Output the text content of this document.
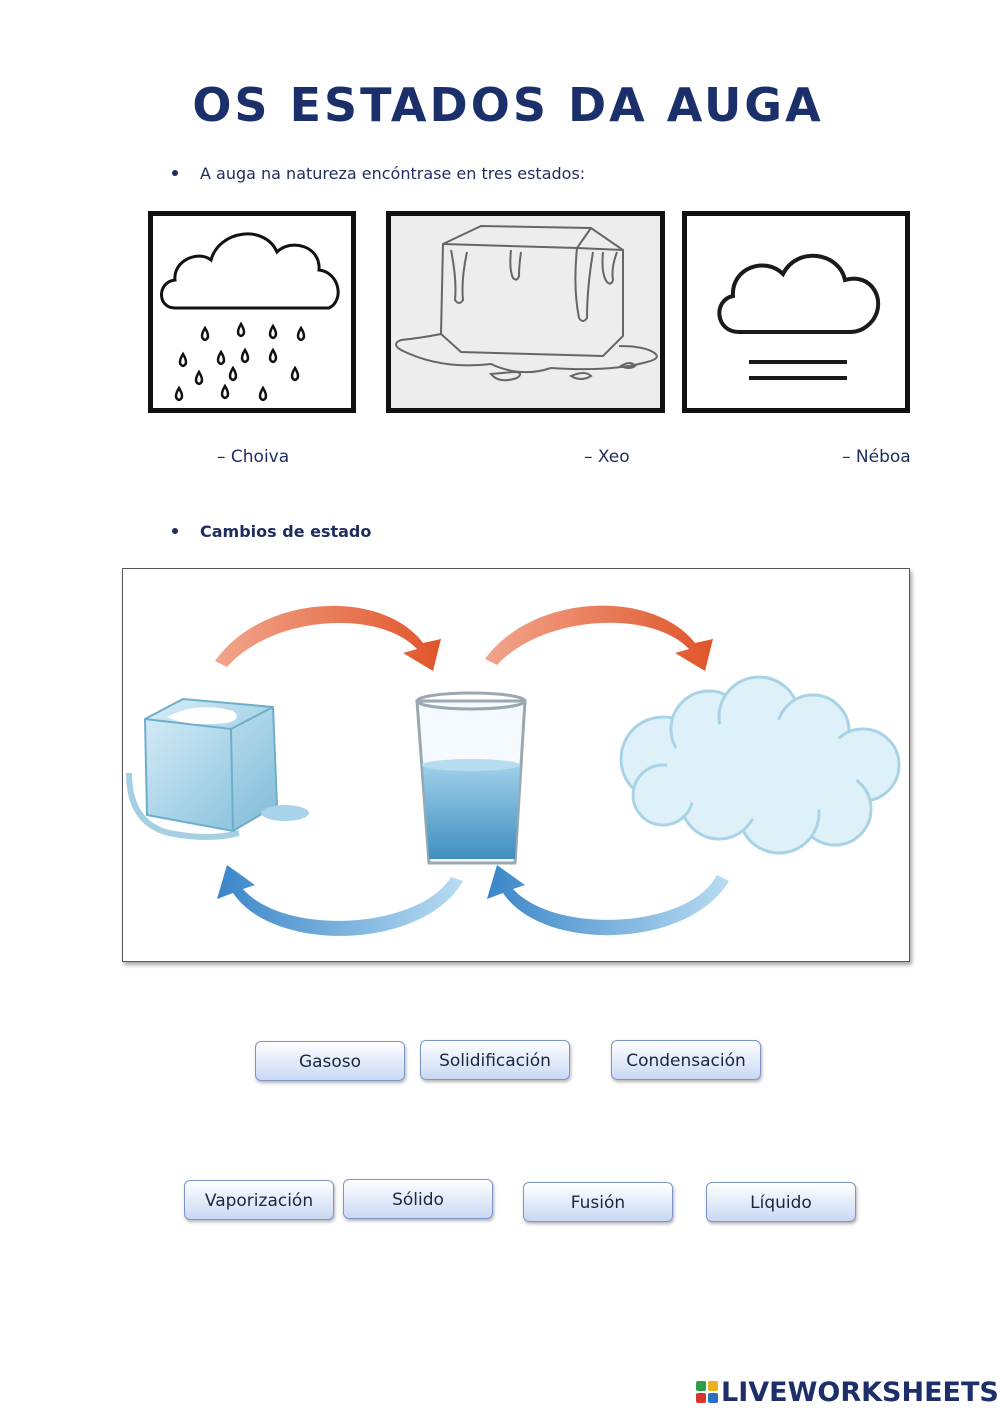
OS ESTADOS DA AUGA
A auga na natureza encóntrase en tres estados:
– Choiva	– Xeo	– Néboa
Cambios de estado
Gasoso	Solidificación	Condensación
Vaporización	Sólido	Fusión	Líquido
LIVEWORKSHEETS
